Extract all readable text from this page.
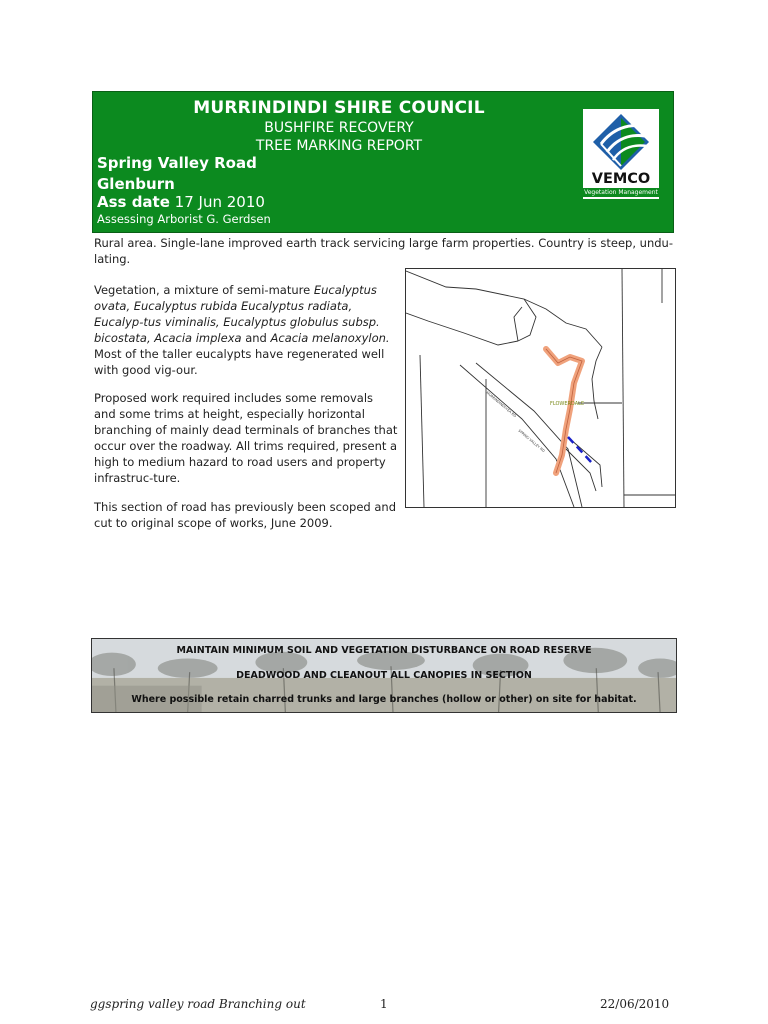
MURRINDINDI SHIRE COUNCIL
BUSHFIRE RECOVERY
TREE MARKING REPORT
Spring Valley Road
Glenburn
Ass date 17 Jun 2010
Assessing Arborist G. Gerdsen
VEMCO
Vegetation Management
Rural area. Single-lane improved earth track servicing large farm properties. Country is steep, undu-lating.
Vegetation, a mixture of semi-mature Eucalyptus ovata, Eucalyptus rubida Eucalyptus radiata, Eucalyp-tus viminalis, Eucalyptus globulus subsp. bicostata, Acacia implexa and Acacia melanoxylon. Most of the taller eucalypts have regenerated well with good vig-our.
Proposed work required includes some removals and some trims at height, especially horizontal branching of mainly dead terminals of branches that occur over the roadway. All trims required, present a high to medium hazard to road users and property infrastruc-ture.
This section of road has previously been scoped and cut to original scope of works, June 2009.
FLOWERDALE
MURRINDINDI-YEA RD
SPRING VALLEY RD
MAINTAIN MINIMUM SOIL AND VEGETATION DISTURBANCE ON ROAD RESERVE
DEADWOOD AND CLEANOUT ALL CANOPIES IN SECTION
Where possible retain charred trunks and large branches (hollow or other) on site for habitat.
ggspring valley road Branching out	1	22/06/2010
